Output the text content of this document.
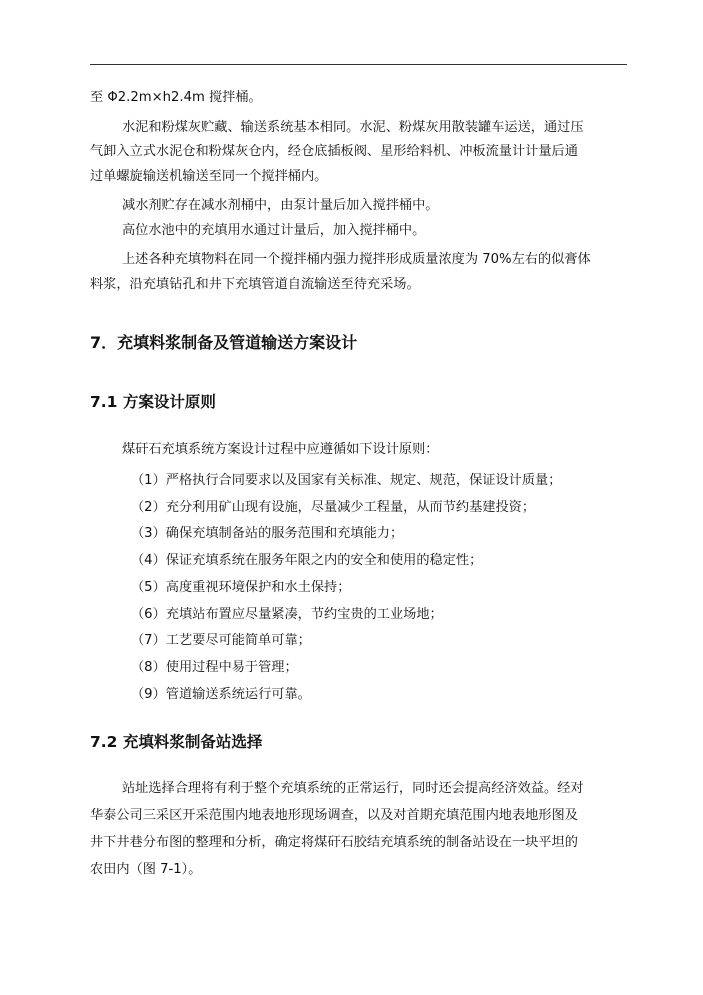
至 Φ2.2m×h2.4m 搅拌桶。
水泥和粉煤灰贮藏、输送系统基本相同。水泥、粉煤灰用散装罐车运送，通过压
气卸入立式水泥仓和粉煤灰仓内，经仓底插板阀、星形给料机、冲板流量计计量后通
过单螺旋输送机输送至同一个搅拌桶内。
减水剂贮存在减水剂桶中，由泵计量后加入搅拌桶中。
高位水池中的充填用水通过计量后，加入搅拌桶中。
上述各种充填物料在同一个搅拌桶内强力搅拌形成质量浓度为 70%左右的似膏体
料浆，沿充填钻孔和井下充填管道自流输送至待充采场。
7．充填料浆制备及管道输送方案设计
7.1 方案设计原则
煤矸石充填系统方案设计过程中应遵循如下设计原则：
（1）严格执行合同要求以及国家有关标准、规定、规范，保证设计质量；
（2）充分利用矿山现有设施，尽量减少工程量，从而节约基建投资；
（3）确保充填制备站的服务范围和充填能力；
（4）保证充填系统在服务年限之内的安全和使用的稳定性；
（5）高度重视环境保护和水土保持；
（6）充填站布置应尽量紧凑，节约宝贵的工业场地；
（7）工艺要尽可能简单可靠；
（8）使用过程中易于管理；
（9）管道输送系统运行可靠。
7.2 充填料浆制备站选择
站址选择合理将有利于整个充填系统的正常运行，同时还会提高经济效益。经对
华泰公司三采区开采范围内地表地形现场调查，以及对首期充填范围内地表地形图及
井下井巷分布图的整理和分析，确定将煤矸石胶结充填系统的制备站设在一块平坦的
农田内（图 7-1）。
